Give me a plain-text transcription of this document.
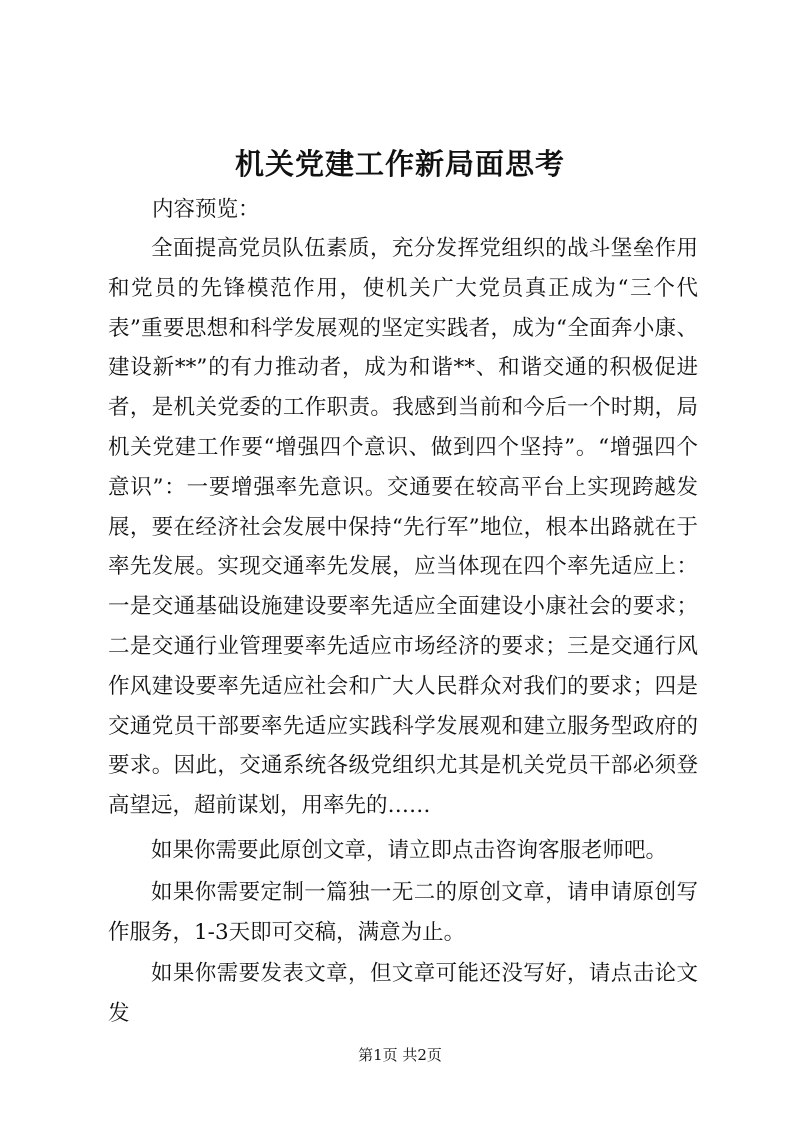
机关党建工作新局面思考
内容预览：

全面提高党员队伍素质，充分发挥党组织的战斗堡垒作用和党员的先锋模范作用，使机关广大党员真正成为“三个代表”重要思想和科学发展观的坚定实践者，成为“全面奔小康、建设新**”的有力推动者，成为和谐**、和谐交通的积极促进者，是机关党委的工作职责。我感到当前和今后一个时期，局机关党建工作要“增强四个意识、做到四个坚持”。“增强四个意识”：一要增强率先意识。交通要在较高平台上实现跨越发展，要在经济社会发展中保持“先行军”地位，根本出路就在于率先发展。实现交通率先发展，应当体现在四个率先适应上：一是交通基础设施建设要率先适应全面建设小康社会的要求；二是交通行业管理要率先适应市场经济的要求；三是交通行风作风建设要率先适应社会和广大人民群众对我们的要求；四是交通党员干部要率先适应实践科学发展观和建立服务型政府的要求。因此，交通系统各级党组织尤其是机关党员干部必须登高望远，超前谋划，用率先的……

如果你需要此原创文章，请立即点击咨询客服老师吧。

如果你需要定制一篇独一无二的原创文章，请申请原创写作服务，1-3天即可交稿，满意为止。

如果你需要发表文章，但文章可能还没写好，请点击论文发

第1页 共2页
